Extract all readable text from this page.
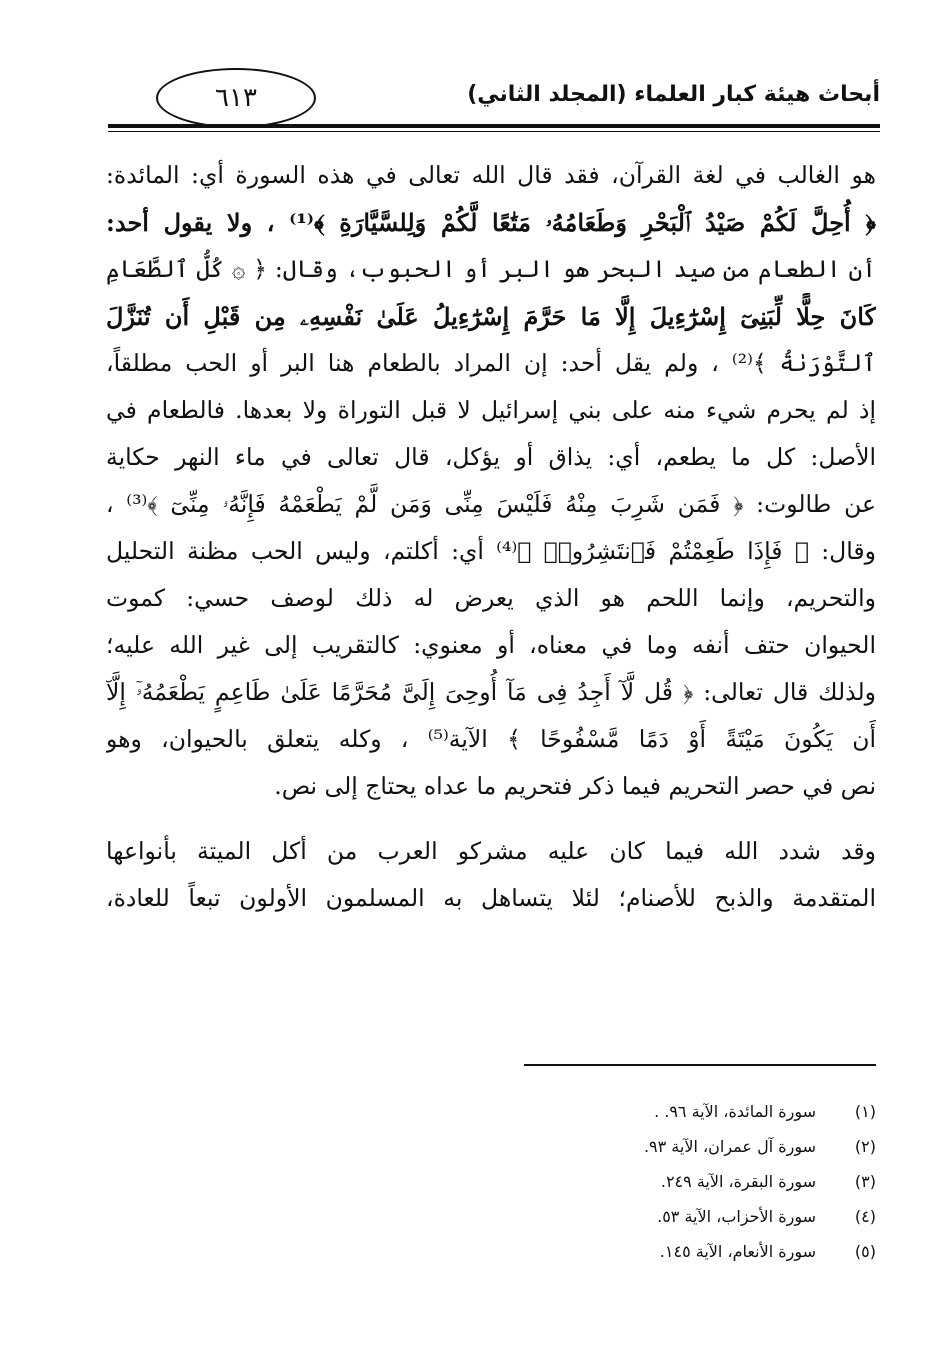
أبحاث هيئة كبار العلماء (المجلد الثاني)
٦١٣
هو الغالب في لغة القرآن، فقد قال الله تعالى في هذه السورة أي: المائدة:
﴿ أُحِلَّ لَكُمْ صَيْدُ ٱلْبَحْرِ وَطَعَامُهُۥ مَتَٰعًا لَّكُمْ وَلِلسَّيَّارَةِ ﴾⁽¹⁾ ، ولا يقول أحد:
أن الطعام من صيد البحر هو البر أو الحبوب، وقال: ﴿ ۞ كُلُّ ٱلطَّعَامِ
كَانَ حِلًّا لِّبَنِىٓ إِسْرَٰٓءِيلَ إِلَّا مَا حَرَّمَ إِسْرَٰٓءِيلُ عَلَىٰ نَفْسِهِۦ مِن قَبْلِ أَن تُنَزَّلَ
ٱلتَّوْرَىٰةُ ﴾⁽²⁾ ، ولم يقل أحد: إن المراد بالطعام هنا البر أو الحب مطلقاً،
إذ لم يحرم شيء منه على بني إسرائيل لا قبل التوراة ولا بعدها. فالطعام في
الأصل: كل ما يطعم، أي: يذاق أو يؤكل، قال تعالى في ماء النهر حكاية
عن طالوت: ﴿ فَمَن شَرِبَ مِنْهُ فَلَيْسَ مِنِّى وَمَن لَّمْ يَطْعَمْهُ فَإِنَّهُۥ مِنِّىٓ ﴾⁽³⁾ ،
وقال: ﴿ فَإِذَا طَعِمْتُمْ فَٱنتَشِرُوا۟ ﴾⁽⁴⁾ أي: أكلتم، وليس الحب مظنة التحليل
والتحريم، وإنما اللحم هو الذي يعرض له ذلك لوصف حسي: كموت
الحيوان حتف أنفه وما في معناه، أو معنوي: كالتقريب إلى غير الله عليه؛
ولذلك قال تعالى: ﴿ قُل لَّآ أَجِدُ فِى مَآ أُوحِىَ إِلَىَّ مُحَرَّمًا عَلَىٰ طَاعِمٍ يَطْعَمُهُۥٓ إِلَّآ
أَن يَكُونَ مَيْتَةً أَوْ دَمًا مَّسْفُوحًا ﴾ الآية⁽⁵⁾ ، وكله يتعلق بالحيوان، وهو
نص في حصر التحريم فيما ذكر فتحريم ما عداه يحتاج إلى نص.
وقد شدد الله فيما كان عليه مشركو العرب من أكل الميتة بأنواعها
المتقدمة والذبح للأصنام؛ لئلا يتساهل به المسلمون الأولون تبعاً للعادة،
(١)
سورة المائدة، الآية ٩٦. .
(٢)
سورة آل عمران، الآية ٩٣.
(٣)
سورة البقرة، الآية ٢٤٩.
(٤)
سورة الأحزاب، الآية ٥٣.
(٥)
سورة الأنعام، الآية ١٤٥.
